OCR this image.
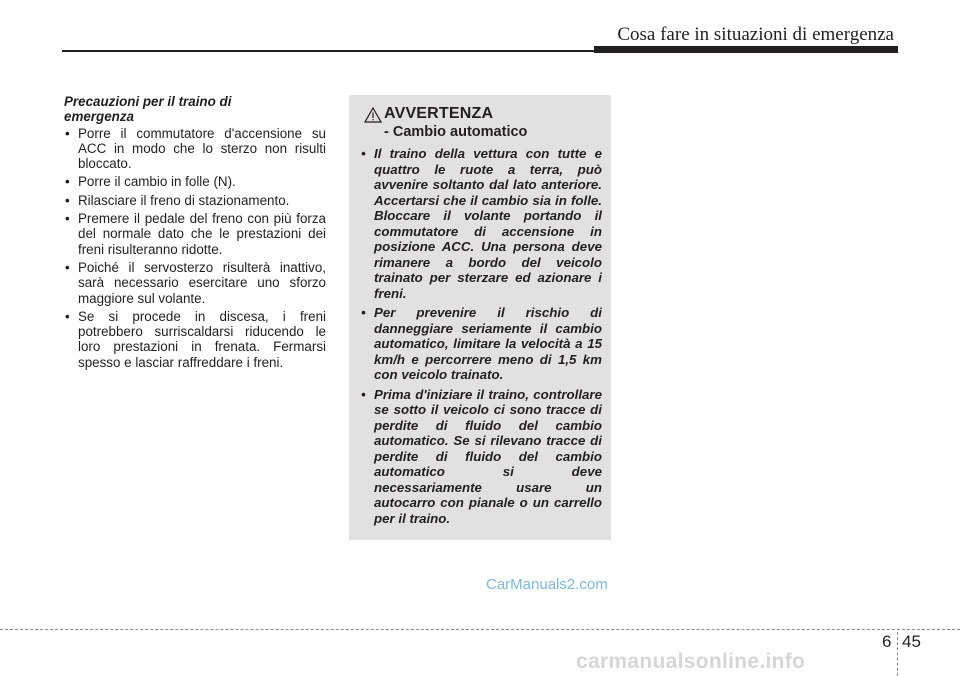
Cosa fare in situazioni di emergenza
Precauzioni per il traino di
emergenza
• Porre il commutatore d'accensione su ACC in modo che lo sterzo non risulti bloccato.
• Porre il cambio in folle (N).
• Rilasciare il freno di stazionamento.
• Premere il pedale del freno con più forza del normale dato che le prestazioni dei freni risulteranno ridotte.
• Poiché il servosterzo risulterà inattivo, sarà necessario esercitare uno sforzo maggiore sul volante.
• Se si procede in discesa, i freni potrebbero surriscaldarsi riducendo le loro prestazioni in frenata. Fermarsi spesso e lasciar raffreddare i freni.
AVVERTENZA
- Cambio automatico
• Il traino della vettura con tutte e quattro le ruote a terra, può avvenire soltanto dal lato anteriore. Accertarsi che il cambio sia in folle. Bloccare il volante portando il commutatore di accensione in posizione ACC. Una persona deve rimanere a bordo del veicolo trainato per sterzare ed azionare i freni.
• Per prevenire il rischio di danneggiare seriamente il cambio automatico, limitare la velocità a 15 km/h e percorrere meno di 1,5 km con veicolo trainato.
• Prima d'iniziare il traino, controllare se sotto il veicolo ci sono tracce di perdite di fluido del cambio automatico. Se si rilevano tracce di perdite di fluido del cambio automatico si deve necessariamente usare un autocarro con pianale o un carrello per il traino.
CarManuals2.com
6 45
carmanualsonline.info
